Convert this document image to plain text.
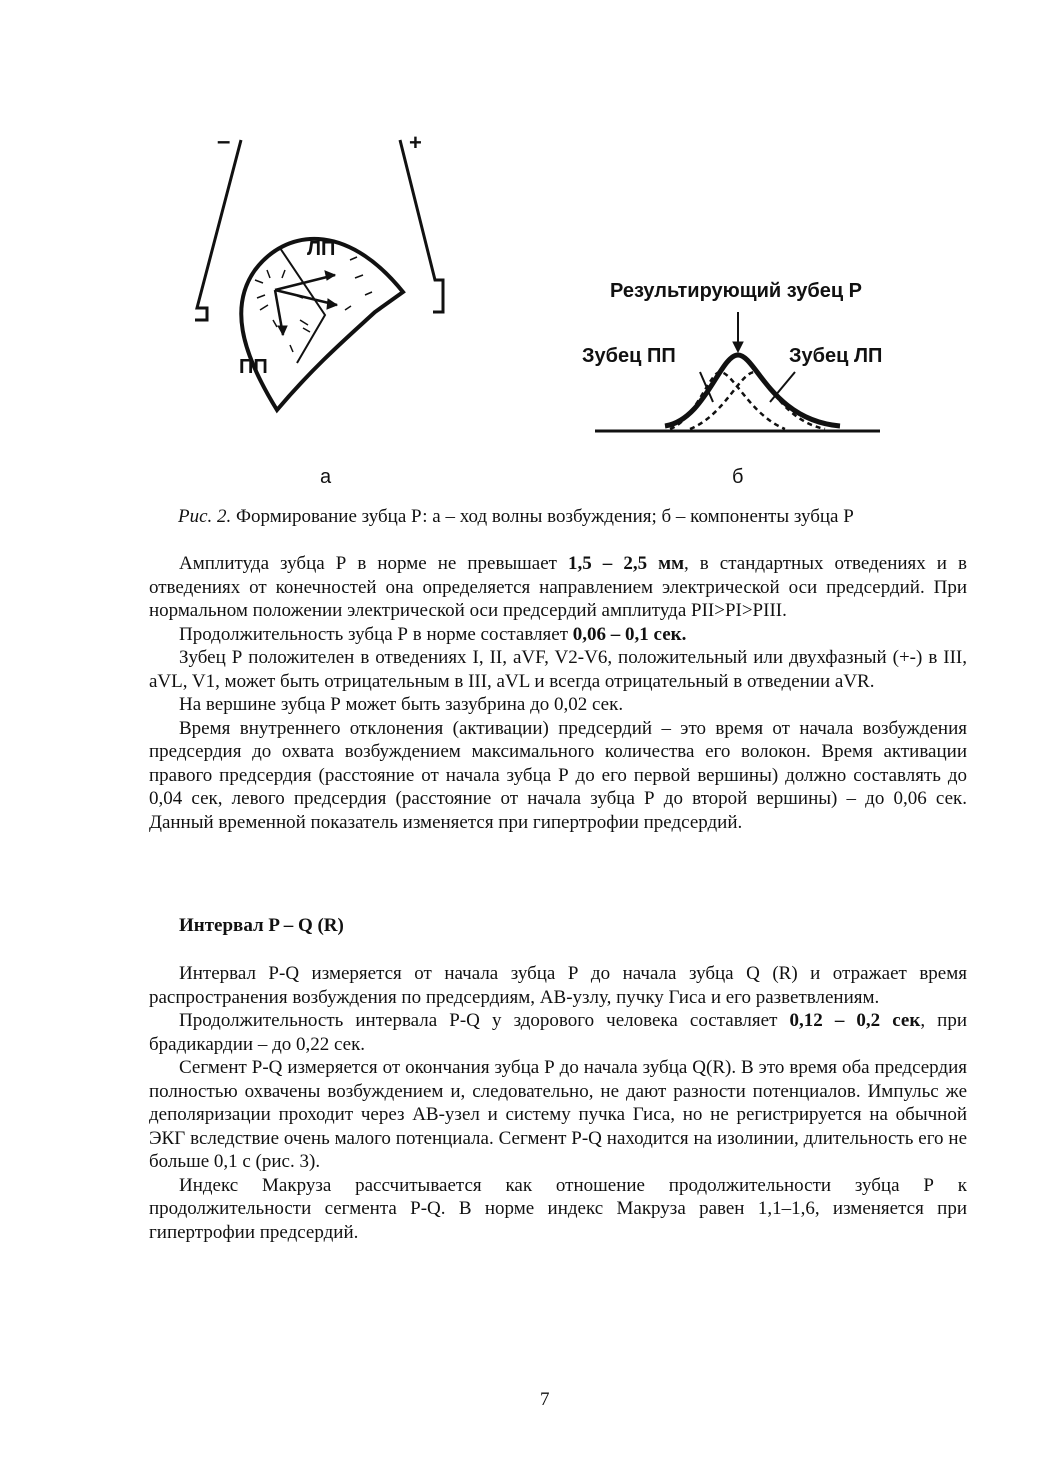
–	+
ЛП
ПП
а
Результирующий зубец P
Зубец ПП	Зубец ЛП
б
Рис. 2. Формирование зубца Р: а – ход волны возбуждения; б – компоненты зубца Р

Амплитуда зубца Р в норме не превышает 1,5 – 2,5 мм, в стандартных отведениях и в отведениях от конечностей она определяется направлением электрической оси предсердий. При нормальном положении электрической оси предсердий амплитуда PII>PI>PIII.

Продолжительность зубца Р в норме составляет 0,06 – 0,1 сек.

Зубец Р положителен в отведениях I, II, aVF, V2-V6, положительный или двухфазный (+-) в III, aVL, V1, может быть отрицательным в III, aVL и всегда отрицательный в отведении aVR.

На вершине зубца Р может быть зазубрина до 0,02 сек.

Время внутреннего отклонения (активации) предсердий – это время от начала возбуждения предсердия до охвата возбуждением максимального количества его волокон. Время активации правого предсердия (расстояние от начала зубца Р до его первой вершины) должно составлять до 0,04 сек, левого предсердия (расстояние от начала зубца Р до второй вершины) – до 0,06 сек. Данный временной показатель изменяется при гипертрофии предсердий.

Интервал P – Q (R)

Интервал P-Q измеряется от начала зубца Р до начала зубца Q (R) и отражает время распространения возбуждения по предсердиям, АВ-узлу, пучку Гиса и его разветвлениям.

Продолжительность интервала P-Q у здорового человека составляет 0,12 – 0,2 сек, при брадикардии – до 0,22 сек.

Сегмент P-Q измеряется от окончания зубца Р до начала зубца Q(R). В это время оба предсердия полностью охвачены возбуждением и, следовательно, не дают разности потенциалов. Импульс же деполяризации проходит через АВ-узел и систему пучка Гиса, но не регистрируется на обычной ЭКГ вследствие очень малого потенциала. Сегмент P-Q находится на изолинии, длительность его не больше 0,1 с (рис. 3).

Индекс Макруза рассчитывается как отношение продолжительности зубца Р к продолжительности сегмента P-Q. В норме индекс Макруза равен 1,1–1,6, изменяется при гипертрофии предсердий.

7
